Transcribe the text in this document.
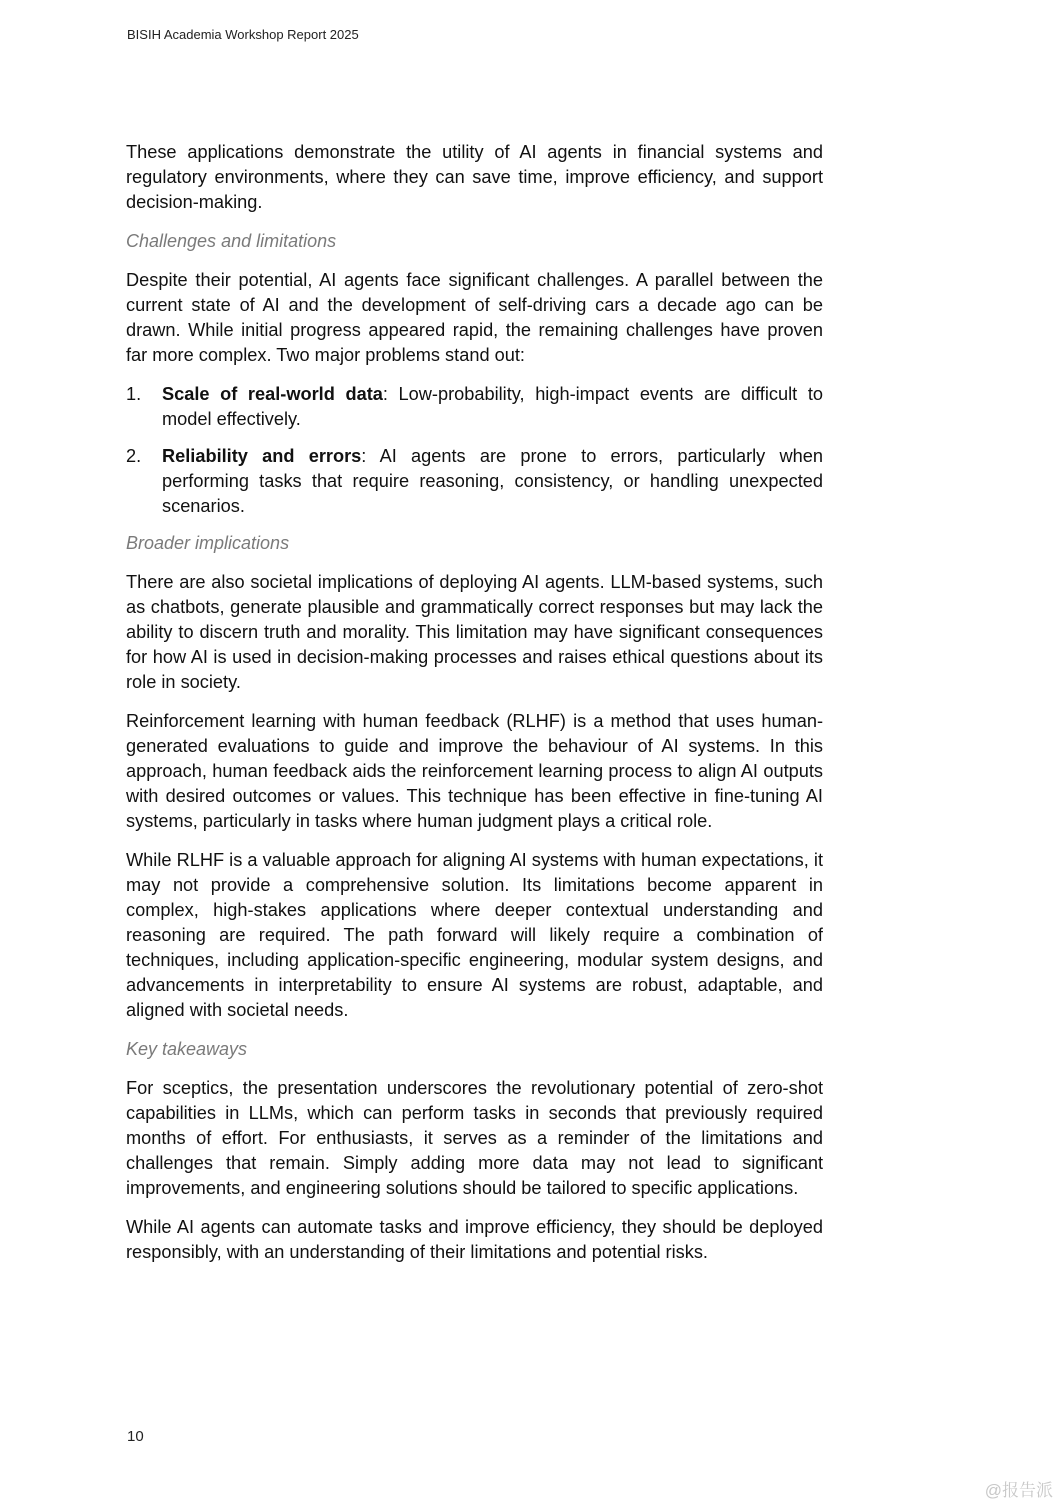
BISIH Academia Workshop Report 2025

These applications demonstrate the utility of AI agents in financial systems and regulatory environments, where they can save time, improve efficiency, and support decision-making.

Challenges and limitations

Despite their potential, AI agents face significant challenges. A parallel between the current state of AI and the development of self-driving cars a decade ago can be drawn. While initial progress appeared rapid, the remaining challenges have proven far more complex. Two major problems stand out:

1. Scale of real-world data: Low-probability, high-impact events are difficult to model effectively.
2. Reliability and errors: AI agents are prone to errors, particularly when performing tasks that require reasoning, consistency, or handling unexpected scenarios.
Broader implications

There are also societal implications of deploying AI agents. LLM-based systems, such as chatbots, generate plausible and grammatically correct responses but may lack the ability to discern truth and morality. This limitation may have significant consequences for how AI is used in decision-making processes and raises ethical questions about its role in society.

Reinforcement learning with human feedback (RLHF) is a method that uses human-generated evaluations to guide and improve the behaviour of AI systems. In this approach, human feedback aids the reinforcement learning process to align AI outputs with desired outcomes or values. This technique has been effective in fine-tuning AI systems, particularly in tasks where human judgment plays a critical role.

While RLHF is a valuable approach for aligning AI systems with human expectations, it may not provide a comprehensive solution. Its limitations become apparent in complex, high-stakes applications where deeper contextual understanding and reasoning are required. The path forward will likely require a combination of techniques, including application-specific engineering, modular system designs, and advancements in interpretability to ensure AI systems are robust, adaptable, and aligned with societal needs.

Key takeaways

For sceptics, the presentation underscores the revolutionary potential of zero-shot capabilities in LLMs, which can perform tasks in seconds that previously required months of effort. For enthusiasts, it serves as a reminder of the limitations and challenges that remain. Simply adding more data may not lead to significant improvements, and engineering solutions should be tailored to specific applications.

While AI agents can automate tasks and improve efficiency, they should be deployed responsibly, with an understanding of their limitations and potential risks.

10
@报告派
